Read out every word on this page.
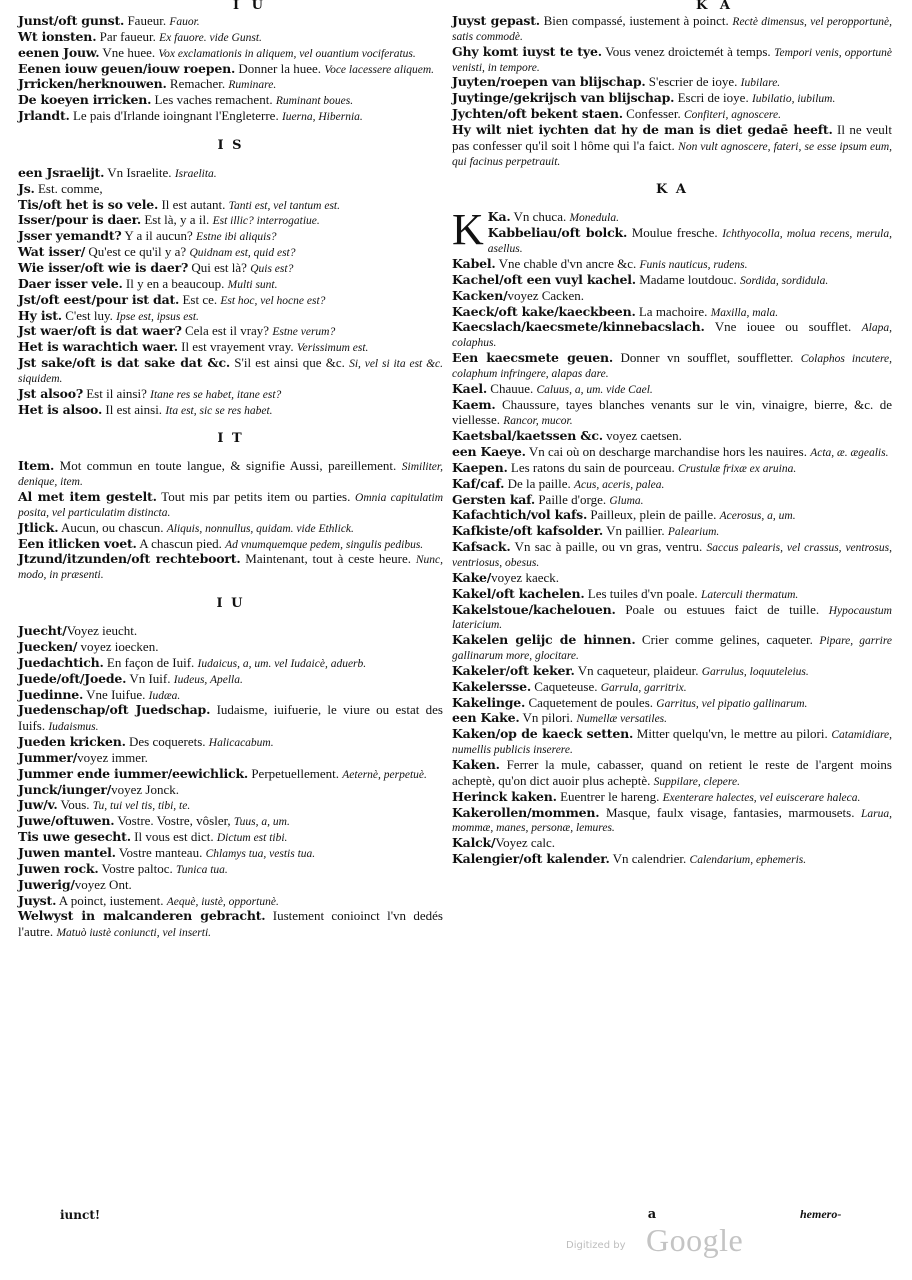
I U	K A

Junst/oft gunst. Faueur. Fauor.

Wt ionsten. Par faueur. Ex fauore. vide Gunst.

eenen Jouw. Vne huee. Vox exclamationis in aliquem, vel ouantium vociferatus.

Eenen iouw geuen/iouw roepen. Donner la huee. Voce lacessere aliquem.

Jrricken/herknouwen. Remacher. Ruminare.

De koeyen irricken. Les vaches remachent. Ruminant boues.

Jrlandt. Le pais d'Irlande ioingnant l'Engleterre. Iuerna, Hibernia.

I S

een Jsraelijt. Vn Israelite. Israelita.

Js. Est. comme,

Tis/oft het is so vele. Il est autant. Tanti est, vel tantum est.

Isser/pour is daer. Est là, y a il. Est illic? interrogatiue.

Jsser yemandt? Y a il aucun? Estne ibi aliquis?

Wat isser/ Qu'est ce qu'il y a? Quidnam est, quid est?

Wie isser/oft wie is daer? Qui est là? Quis est?

Daer isser vele. Il y en a beaucoup. Multi sunt.

Jst/oft eest/pour ist dat. Est ce. Est hoc, vel hocne est?

Hy ist. C'est luy. Ipse est, ipsus est.

Jst waer/oft is dat waer? Cela est il vray? Estne verum?

Het is warachtich waer. Il est vrayement vray. Verissimum est.

Jst sake/oft is dat sake dat &c. S'il est ainsi que &c. Si, vel si ita est &c. siquidem.

Jst alsoo? Est il ainsi? Itane res se habet, itane est?

Het is alsoo. Il est ainsi. Ita est, sic se res habet.

I T

Item. Mot commun en toute langue, & signifie Aussi, pareillement. Similiter, denique, item.

Al met item gestelt. Tout mis par petits item ou parties. Omnia capitulatim posita, vel particulatim distincta.

Jtlick. Aucun, ou chascun. Aliquis, nonnullus, quidam. vide Ethlick.

Een itlicken voet. A chascun pied. Ad vnumquemque pedem, singulis pedibus.

Jtzund/itzunden/oft rechteboort. Maintenant, tout à ceste heure. Nunc, modo, in præsenti.

I U

Juecht/Voyez ieucht.

Juecken/ voyez ioecken.

Juedachtich. En façon de Iuif. Iudaicus, a, um. vel Iudaicè, aduerb.

Juede/oft/Joede. Vn Iuif. Iudeus, Apella.

Juedinne. Vne Iuifue. Iudæa.

Juedenschap/oft Juedschap. Iudaisme, iuifuerie, le viure ou estat des Iuifs. Iudaismus.

Jueden kricken. Des coquerets. Halicacabum.

Jummer/voyez immer.

Jummer ende iummer/eewichlick. Perpetuellement. Aeternè, perpetuè.

Junck/iunger/voyez Jonck.

Juw/v. Vous. Tu, tui vel tis, tibi, te.

Juwe/oftuwen. Vostre. Vostre, vôsler, Tuus, a, um.

Tis uwe gesecht. Il vous est dict. Dictum est tibi.

Juwen mantel. Vostre manteau. Chlamys tua, vestis tua.

Juwen rock. Vostre paltoc. Tunica tua.

Juwerig/voyez Ont.

Juyst. A poinct, iustement. Aequè, iustè, opportunè.

Welwyst in malcanderen gebracht. Iustement conioinct l'vn dedés l'autre. Matuò iustè coniuncti, vel inserti.

Juyst gepast. Bien compassé, iustement à poinct. Rectè dimensus, vel peropportunè, satis commodè.

Ghy komt iuyst te tye. Vous venez droictemét à temps. Tempori venis, opportunè venisti, in tempore.

Juyten/roepen van blijschap. S'escrier de ioye. Iubilare.

Juytinge/gekrijsch van blijschap. Escri de ioye. Iubilatio, iubilum.

Jychten/oft bekent staen. Confesser. Confiteri, agnoscere.

Hy wilt niet iychten dat hy de man is diet gedaē heeft. Il ne veult pas confesser qu'il soit l hôme qui l'a faict. Non vult agnoscere, fateri, se esse ipsum eum, qui facinus perpetrauit.

K A

K Ka. Vn chuca. Monedula.

Kabbeliau/oft bolck. Moulue fresche. Ichthyocolla, molua recens, merula, asellus.

Kabel. Vne chable d'vn ancre &c. Funis nauticus, rudens.

Kachel/oft een vuyl kachel. Madame loutdouc. Sordida, sordidula.

Kacken/voyez Cacken.

Kaeck/oft kake/kaeckbeen. La machoire. Maxilla, mala.

Kaecslach/kaecsmete/kinnebacslach. Vne iouee ou soufflet. Alapa, colaphus.

Een kaecsmete geuen. Donner vn soufflet, souffletter. Colaphos incutere, colaphum infringere, alapas dare.

Kael. Chauue. Caluus, a, um. vide Cael.

Kaem. Chaussure, tayes blanches venants sur le vin, vinaigre, bierre, &c. de viellesse. Rancor, mucor.

Kaetsbal/kaetssen &c. voyez caetsen.

een Kaeye. Vn cai où on descharge marchandise hors les nauires. Acta, æ. ægealis.

Kaepen. Les ratons du sain de pourceau. Crustulæ frixæ ex aruina.

Kaf/caf. De la paille. Acus, aceris, palea.

Gersten kaf. Paille d'orge. Gluma.

Kafachtich/vol kafs. Pailleux, plein de paille. Acerosus, a, um.

Kafkiste/oft kafsolder. Vn paillier. Palearium.

Kafsack. Vn sac à paille, ou vn gras, ventru. Saccus palearis, vel crassus, ventrosus, ventriosus, obesus.

Kake/voyez kaeck.

Kakel/oft kachelen. Les tuiles d'vn poale. Laterculi thermatum.

Kakelstoue/kachelouen. Poale ou estuues faict de tuille. Hypocaustum latericium.

Kakelen gelijc de hinnen. Crier comme gelines, caqueter. Pipare, garrire gallinarum more, glocitare.

Kakeler/oft keker. Vn caqueteur, plaideur. Garrulus, loquuteleius.

Kakelersse. Caqueteuse. Garrula, garritrix.

Kakelinge. Caquetement de poules. Garritus, vel pipatio gallinarum.

een Kake. Vn pilori. Numellæ versatiles.

Kaken/op de kaeck setten. Mitter quelqu'vn, le mettre au pilori. Catamidiare, numellis publicis inserere.

Kaken. Ferrer la mule, cabasser, quand on retient le reste de l'argent moins acheptè, qu'on dict auoir plus acheptè. Suppilare, clepere.

Herinck kaken. Euentrer le hareng. Exenterare halectes, vel euiscerare haleca.

Kakerollen/mommen. Masque, faulx visage, fantasies, marmousets. Larua, mommæ, manes, personæ, lemures.

Kalck/Voyez calc.

Kalengier/oft kalender. Vn calendrier. Calendarium, ephemeris.

iunct!	a	hemero-
Digitized by Google
